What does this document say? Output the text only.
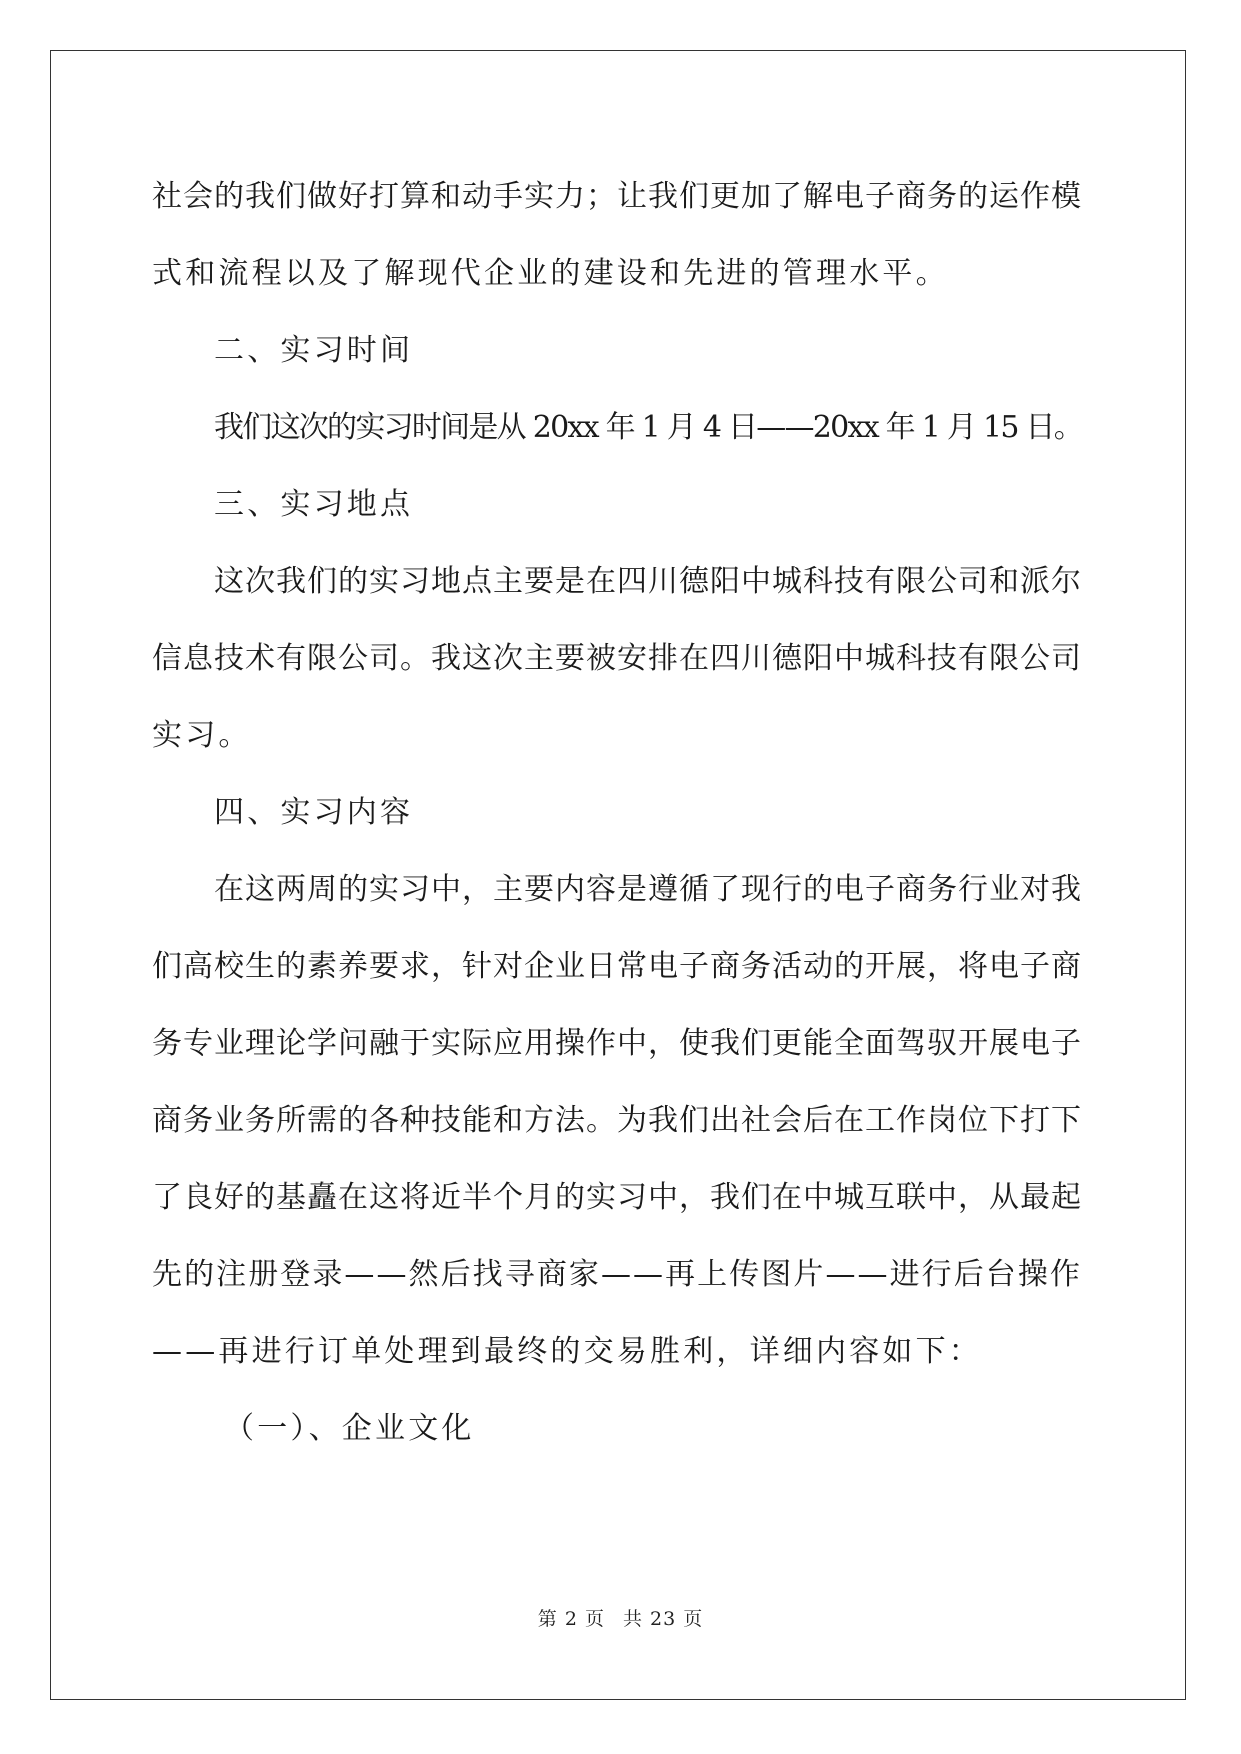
社会的我们做好打算和动手实力；让我们更加了解电子商务的运作模
式和流程以及了解现代企业的建设和先进的管理水平。
二、实习时间
我们这次的实习时间是从 20xx 年 1 月 4 日——20xx 年 1 月 15 日。
三、实习地点
这次我们的实习地点主要是在四川德阳中城科技有限公司和派尔
信息技术有限公司。我这次主要被安排在四川德阳中城科技有限公司
实习。
四、实习内容
在这两周的实习中，主要内容是遵循了现行的电子商务行业对我
们高校生的素养要求，针对企业日常电子商务活动的开展，将电子商
务专业理论学问融于实际应用操作中，使我们更能全面驾驭开展电子
商务业务所需的各种技能和方法。为我们出社会后在工作岗位下打下
了良好的基矗在这将近半个月的实习中，我们在中城互联中，从最起
先的注册登录——然后找寻商家——再上传图片——进行后台操作
——再进行订单处理到最终的交易胜利，详细内容如下：
（一）、企业文化
第 2 页 共 23 页
